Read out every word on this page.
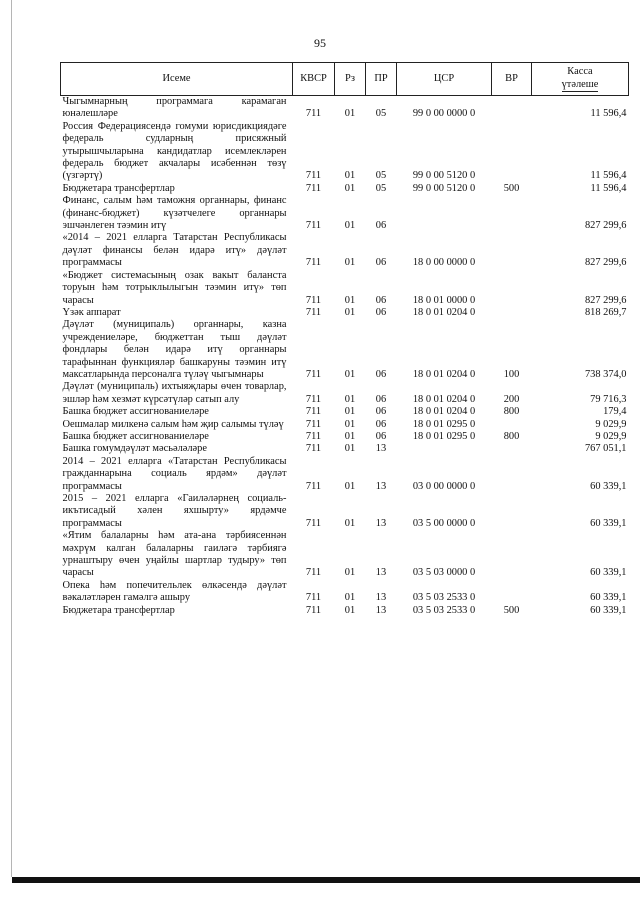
95
Исеме	КВСР	Рз	ПР	ЦСР	ВР	Касса
үтәлеше

Чыгымнарның программага карамаган юнәлешләре	711	01	05	99 0 00 0000 0		11 596,4
Россия Федерациясендә гомуми юрисдикциядәге федераль судларның присяжный утырышчыларына кандидатлар исемлекләрен федераль бюджет акчалары исәбеннән төзү (үзгәртү)	711	01	05	99 0 00 5120 0		11 596,4
Бюджетара трансфертлар	711	01	05	99 0 00 5120 0	500	11 596,4
Финанс, салым һәм таможня органнары, финанс (финанс-бюджет) күзәтчелеге органнары эшчәнлеген тәэмин итү	711	01	06			827 299,6
«2014 – 2021 елларга Татарстан Республикасы дәүләт финансы белән идарә итү» дәүләт программасы	711	01	06	18 0 00 0000 0		827 299,6
«Бюджет системасының озак вакыт баланста торуын һәм тотрыклылыгын тәэмин итү» төп чарасы	711	01	06	18 0 01 0000 0		827 299,6
Үзәк аппарат	711	01	06	18 0 01 0204 0		818 269,7
Дәүләт (муниципаль) органнары, казна учреждениеләре, бюджеттан тыш дәүләт фондлары белән идарә итү органнары тарафыннан функцияләр башкаруны тәэмин итү максатларында персоналга түләү чыгымнары	711	01	06	18 0 01 0204 0	100	738 374,0
Дәүләт (муниципаль) ихтыяҗлары өчен товарлар, эшләр һәм хезмәт күрсәтүләр сатып алу	711	01	06	18 0 01 0204 0	200	79 716,3
Башка бюджет ассигнованиеләре	711	01	06	18 0 01 0204 0	800	179,4
Оешмалар милкенә салым һәм җир салымы түләү	711	01	06	18 0 01 0295 0		9 029,9
Башка бюджет ассигнованиеләре	711	01	06	18 0 01 0295 0	800	9 029,9
Башка гомумдәүләт мәсьәләләре	711	01	13			767 051,1
2014 – 2021 елларга «Татарстан Республикасы гражданнарына социаль ярдәм» дәүләт программасы	711	01	13	03 0 00 0000 0		60 339,1
2015 – 2021 елларга «Гаиләләрнең социаль-икътисадый хәлен яхшырту» ярдәмче программасы	711	01	13	03 5 00 0000 0		60 339,1
«Ятим балаларны һәм ата-ана тәрбиясеннән мәхрүм калган балаларны гаиләгә тәрбиягә урнаштыру өчен уңайлы шартлар тудыру» төп чарасы	711	01	13	03 5 03 0000 0		60 339,1
Опека һәм попечительлек өлкәсендә дәүләт вәкаләтләрен гамәлгә ашыру	711	01	13	03 5 03 2533 0		60 339,1
Бюджетара трансфертлар	711	01	13	03 5 03 2533 0	500	60 339,1
